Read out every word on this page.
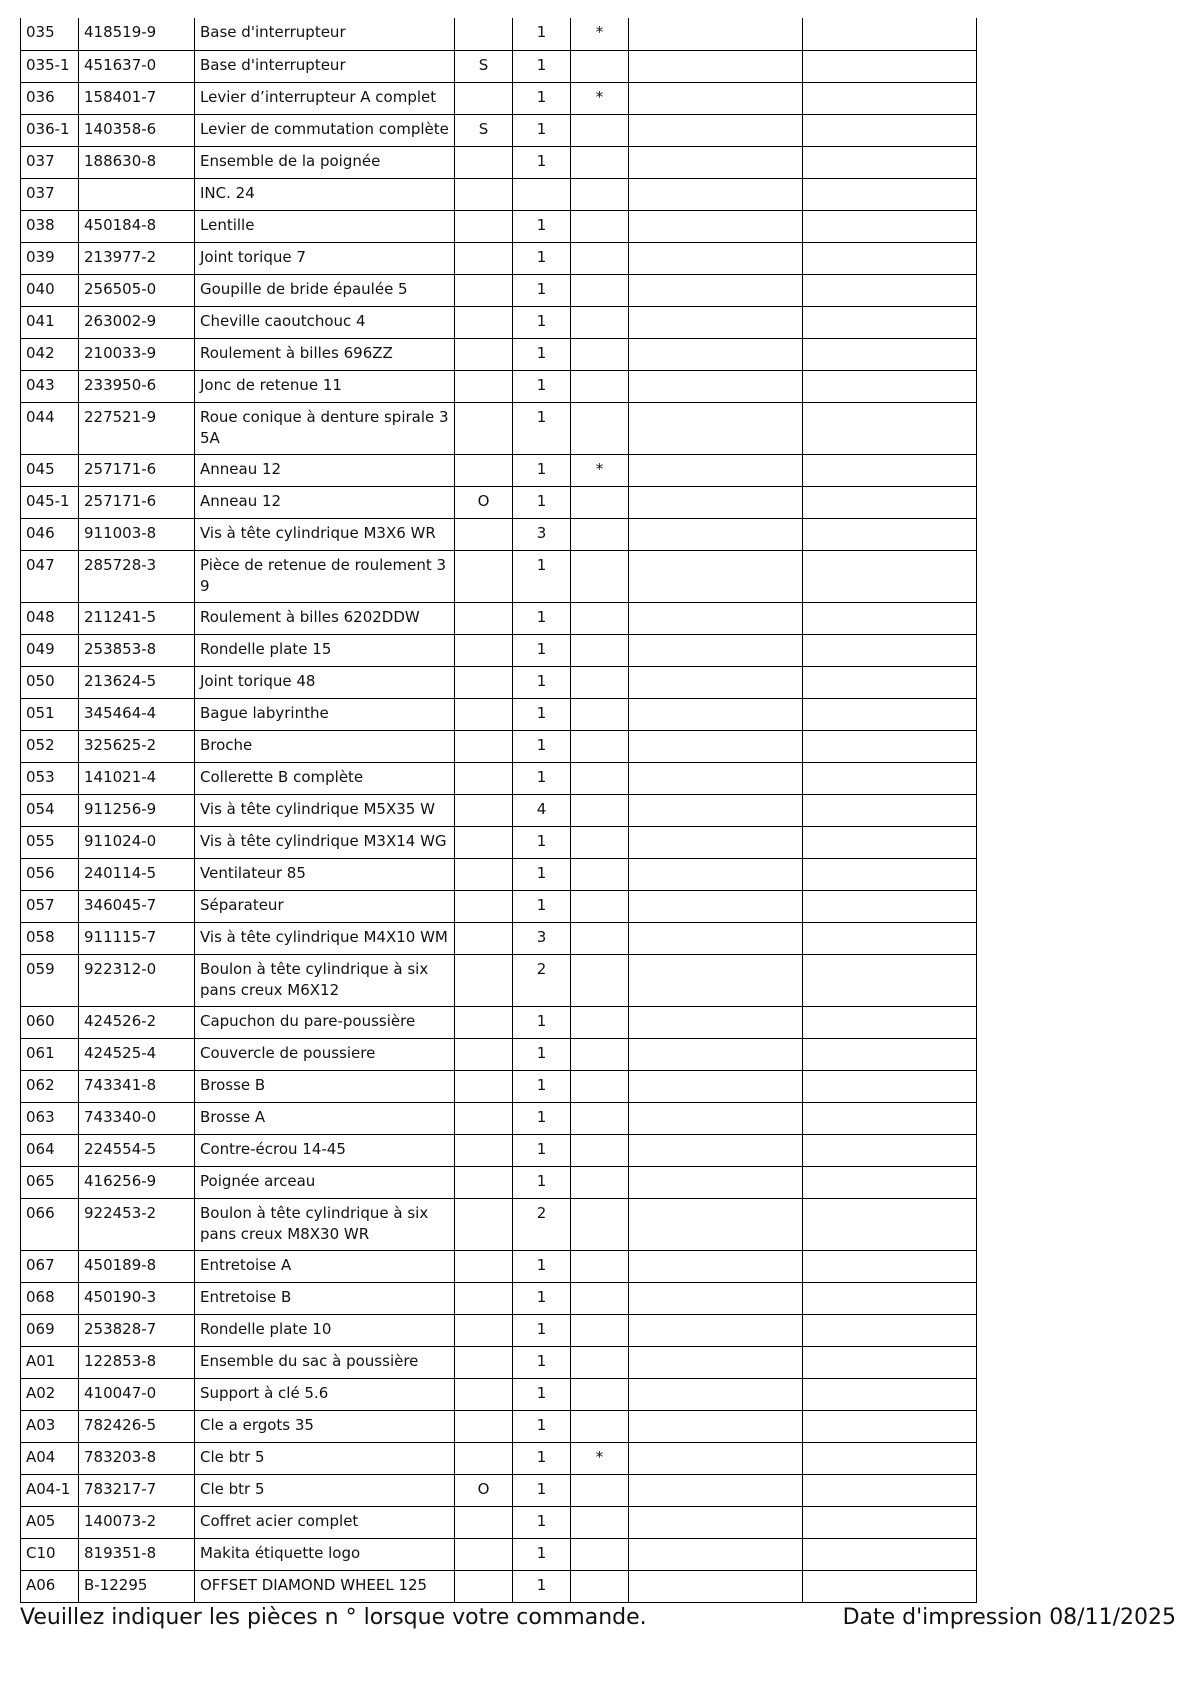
035	418519-9	Base d'interrupteur		1	*		
035-1	451637-0	Base d'interrupteur	S	1			
036	158401-7	Levier d’interrupteur A complet		1	*		
036-1	140358-6	Levier de commutation complète	S	1			
037	188630-8	Ensemble de la poignée		1			
037		INC. 24					
038	450184-8	Lentille		1			
039	213977-2	Joint torique 7		1			
040	256505-0	Goupille de bride épaulée 5		1			
041	263002-9	Cheville caoutchouc 4		1			
042	210033-9	Roulement à billes 696ZZ		1			
043	233950-6	Jonc de retenue 11		1			
044	227521-9	Roue conique à denture spirale 3 5A		1			
045	257171-6	Anneau 12		1	*		
045-1	257171-6	Anneau 12	O	1			
046	911003-8	Vis à tête cylindrique M3X6 WR		3			
047	285728-3	Pièce de retenue de roulement 3 9		1			
048	211241-5	Roulement à billes 6202DDW		1			
049	253853-8	Rondelle plate 15		1			
050	213624-5	Joint torique 48		1			
051	345464-4	Bague labyrinthe		1			
052	325625-2	Broche		1			
053	141021-4	Collerette B complète		1			
054	911256-9	Vis à tête cylindrique M5X35 W		4			
055	911024-0	Vis à tête cylindrique M3X14 WG		1			
056	240114-5	Ventilateur 85		1			
057	346045-7	Séparateur		1			
058	911115-7	Vis à tête cylindrique M4X10 WM		3			
059	922312-0	Boulon à tête cylindrique à six pans creux M6X12		2			
060	424526-2	Capuchon du pare-poussière		1			
061	424525-4	Couvercle de poussiere		1			
062	743341-8	Brosse B		1			
063	743340-0	Brosse A		1			
064	224554-5	Contre-écrou 14-45		1			
065	416256-9	Poignée arceau		1			
066	922453-2	Boulon à tête cylindrique à six pans creux M8X30 WR		2			
067	450189-8	Entretoise A		1			
068	450190-3	Entretoise B		1			
069	253828-7	Rondelle plate 10		1			
A01	122853-8	Ensemble du sac à poussière		1			
A02	410047-0	Support à clé 5.6		1			
A03	782426-5	Cle a ergots 35		1			
A04	783203-8	Cle btr 5		1	*		
A04-1	783217-7	Cle btr 5	O	1			
A05	140073-2	Coffret acier complet		1			
C10	819351-8	Makita étiquette logo		1			
A06	B-12295	OFFSET DIAMOND WHEEL 125		1			
Veuillez indiquer les pièces n ° lorsque votre commande.	Date d'impression 08/11/2025
